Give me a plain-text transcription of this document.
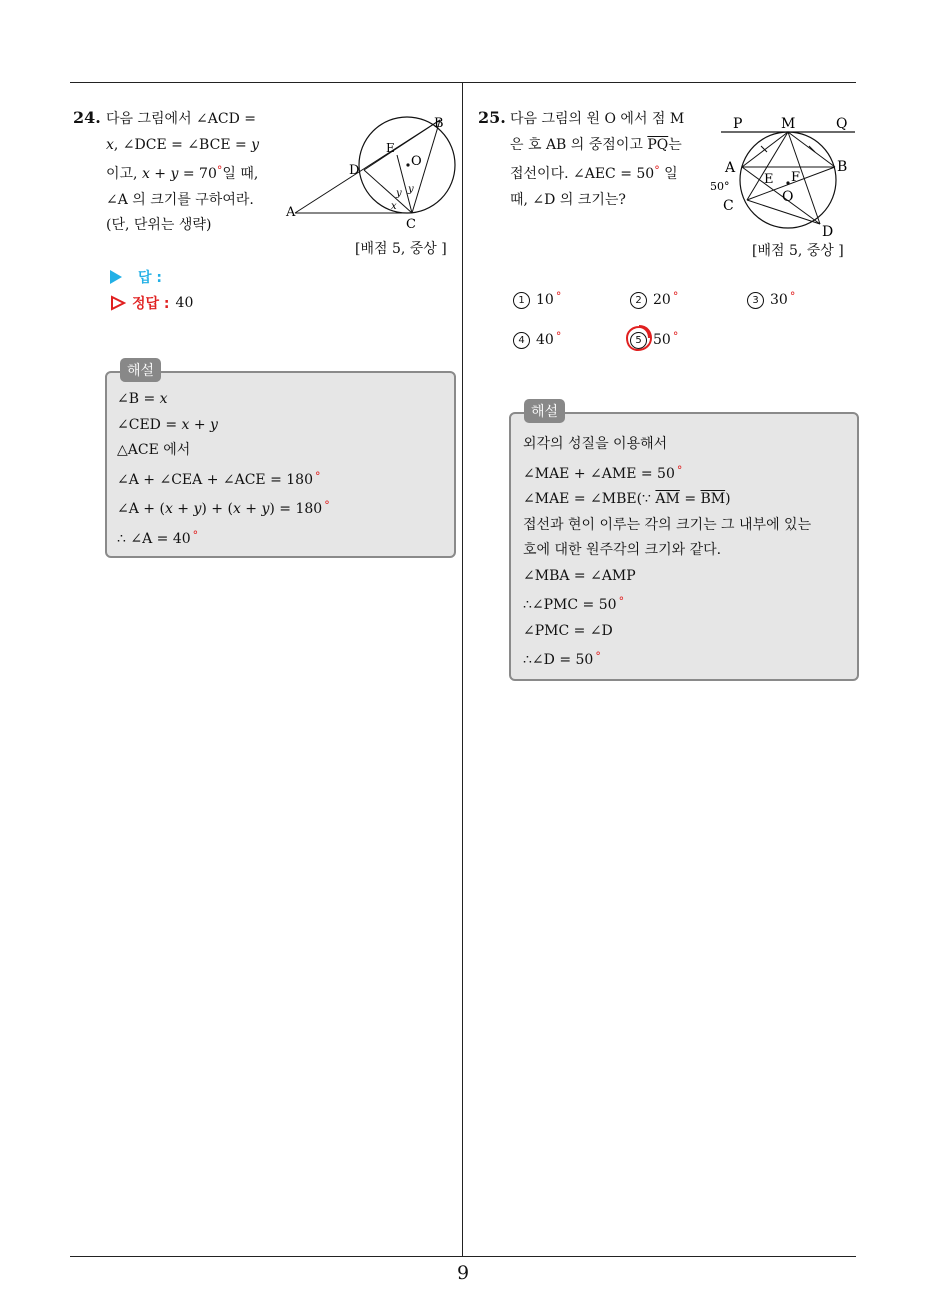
24. 다음 그림에서 ∠ACD =
x, ∠DCE = ∠BCE = y
이고, x + y = 70°일 때,
∠A 의 크기를 구하여라.
(단, 단위는 생략)
B
D
E
O
A
C
x
y y
[배점 5, 중상 ]
답 :
정답 : 40
∠B = x
∠CED = x + y
△ACE 에서
∠A + ∠CEA + ∠ACE = 180 °
∠A + (x + y) + (x + y) = 180 °
∴ ∠A = 40 °
해설
25. 다음 그림의 원 O 에서 점 M
은 호 AB 의 중점이고 $\overline{PQ}$는
접선이다. ∠AEC = 50° 일
때, ∠D 의 크기는?
P	M	Q
A	B
C
D
E F
O
50°
[배점 5, 중상 ]
1 10 °	2 20 °	3 30 °
4 40 °	5 50 °
외각의 성질을 이용해서
∠MAE + ∠AME = 50 °
∠MAE = ∠MBE(∵ $\overline{AM} = \overline{BM}$)
접선과 현이 이루는 각의 크기는 그 내부에 있는
호에 대한 원주각의 크기와 같다.
∠MBA = ∠AMP
∴∠PMC = 50 °
∠PMC = ∠D
∴∠D = 50 °
해설
9
